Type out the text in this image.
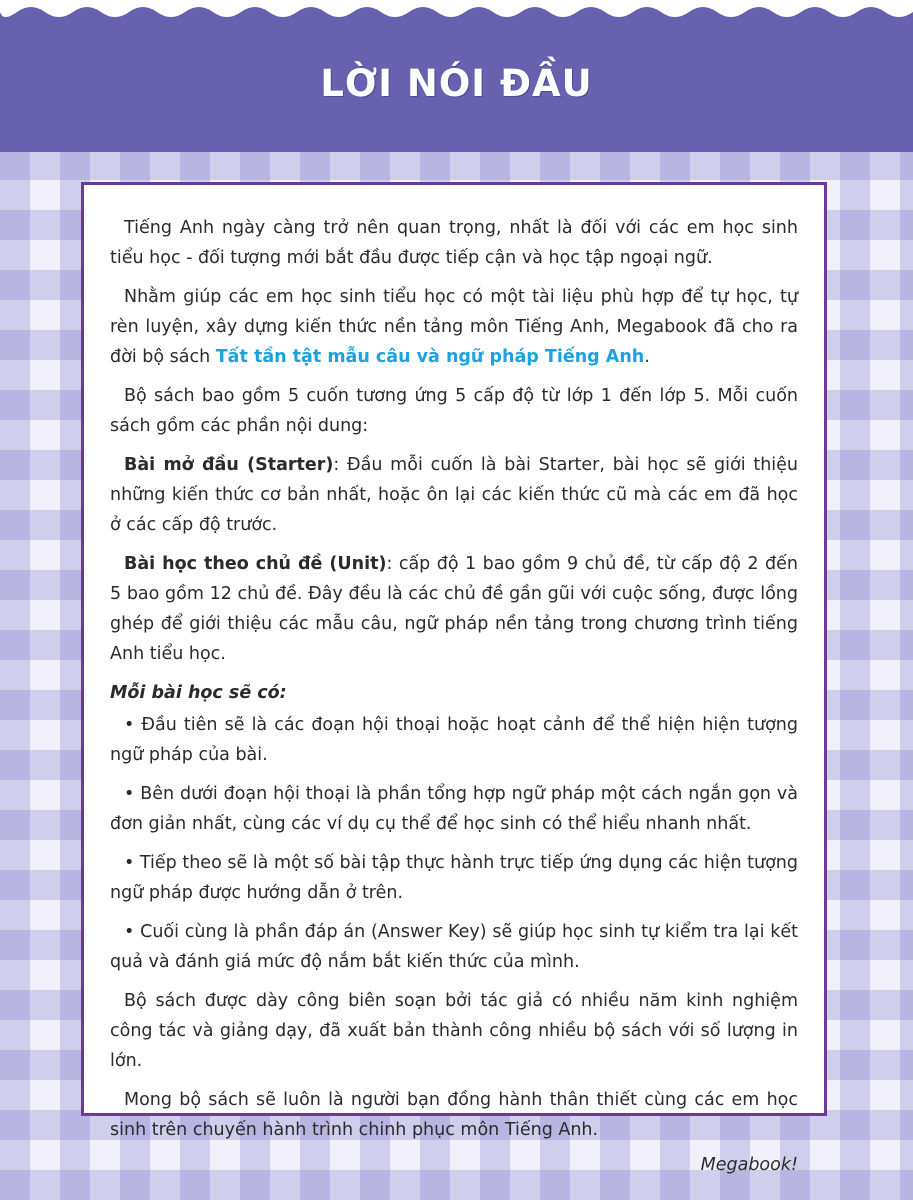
LỜI NÓI ĐẦU

Tiếng Anh ngày càng trở nên quan trọng, nhất là đối với các em học sinh tiểu học - đối tượng mới bắt đầu được tiếp cận và học tập ngoại ngữ.

Nhằm giúp các em học sinh tiểu học có một tài liệu phù hợp để tự học, tự rèn luyện, xây dựng kiến thức nền tảng môn Tiếng Anh, Megabook đã cho ra đời bộ sách Tất tần tật mẫu câu và ngữ pháp Tiếng Anh.

Bộ sách bao gồm 5 cuốn tương ứng 5 cấp độ từ lớp 1 đến lớp 5. Mỗi cuốn sách gồm các phần nội dung:

Bài mở đầu (Starter): Đầu mỗi cuốn là bài Starter, bài học sẽ giới thiệu những kiến thức cơ bản nhất, hoặc ôn lại các kiến thức cũ mà các em đã học ở các cấp độ trước.

Bài học theo chủ đề (Unit): cấp độ 1 bao gồm 9 chủ đề, từ cấp độ 2 đến 5 bao gồm 12 chủ đề. Đây đều là các chủ đề gần gũi với cuộc sống, được lồng ghép để giới thiệu các mẫu câu, ngữ pháp nền tảng trong chương trình tiếng Anh tiểu học.

Mỗi bài học sẽ có:

• Đầu tiên sẽ là các đoạn hội thoại hoặc hoạt cảnh để thể hiện hiện tượng ngữ pháp của bài.

• Bên dưới đoạn hội thoại là phần tổng hợp ngữ pháp một cách ngắn gọn và đơn giản nhất, cùng các ví dụ cụ thể để học sinh có thể hiểu nhanh nhất.

• Tiếp theo sẽ là một số bài tập thực hành trực tiếp ứng dụng các hiện tượng ngữ pháp được hướng dẫn ở trên.

• Cuối cùng là phần đáp án (Answer Key) sẽ giúp học sinh tự kiểm tra lại kết quả và đánh giá mức độ nắm bắt kiến thức của mình.

Bộ sách được dày công biên soạn bởi tác giả có nhiều năm kinh nghiệm công tác và giảng dạy, đã xuất bản thành công nhiều bộ sách với số lượng in lớn.

Mong bộ sách sẽ luôn là người bạn đồng hành thân thiết cùng các em học sinh trên chuyến hành trình chinh phục môn Tiếng Anh.

Megabook!
